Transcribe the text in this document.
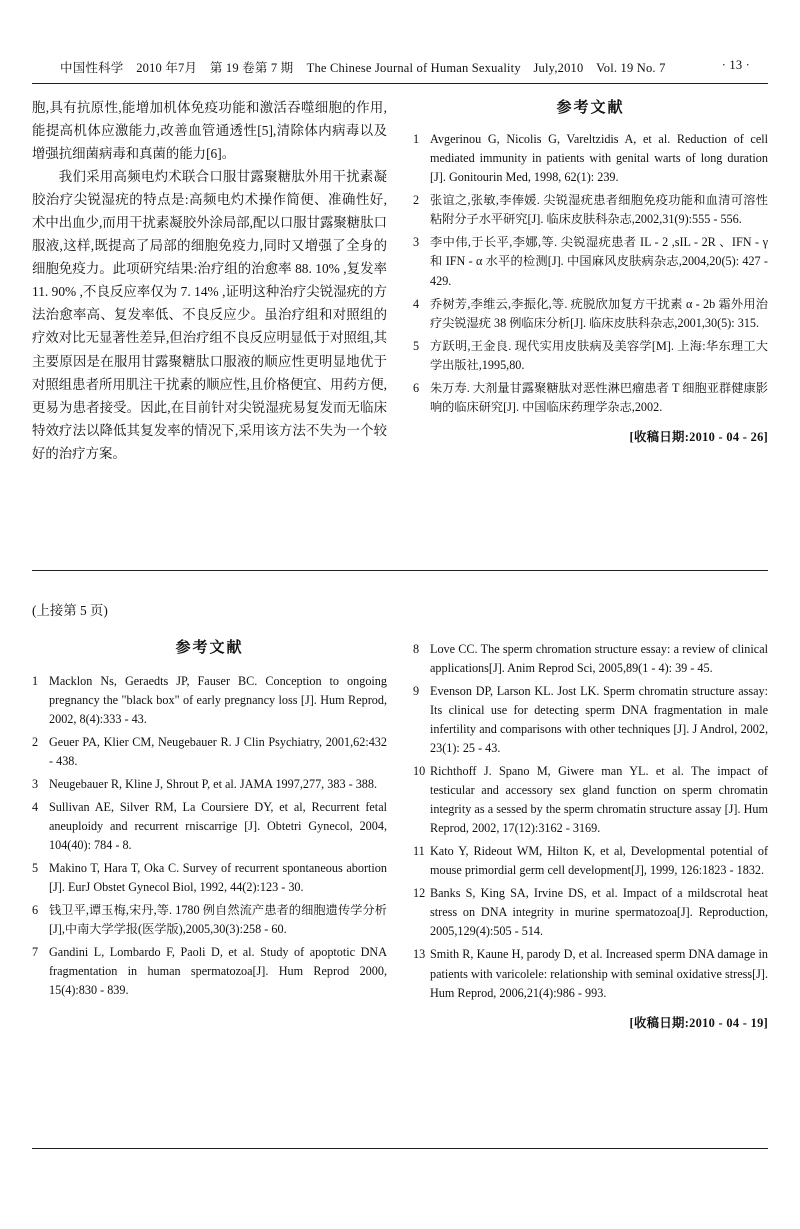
· 13 ·
中国性科学　2010 年7月　第 19 卷第 7 期 The Chinese Journal of Human Sexuality　July,2010　Vol. 19 No. 7
胞,具有抗原性,能增加机体免疫功能和激活吞噬细胞的作用,能提高机体应激能力,改善血管通透性[5],清除体内病毒以及增强抗细菌病毒和真菌的能力[6]。
我们采用高频电灼术联合口服甘露聚糖肽外用干扰素凝胶治疗尖锐湿疣的特点是:高频电灼术操作简便、准确性好,术中出血少,而用干扰素凝胶外涂局部,配以口服甘露聚糖肽口服液,这样,既提高了局部的细胞免疫力,同时又增强了全身的细胞免疫力。此项研究结果:治疗组的治愈率 88. 10% ,复发率 11. 90% ,不良反应率仅为 7. 14% ,证明这种治疗尖锐湿疣的方法治愈率高、复发率低、不良反应少。虽治疗组和对照组的疗效对比无显著性差异,但治疗组不良反应明显低于对照组,其主要原因是在服用甘露聚糖肽口服液的顺应性更明显地优于对照组患者所用肌注干扰素的顺应性,且价格便宜、用药方便,更易为患者接受。因此,在目前针对尖锐湿疣易复发而无临床特效疗法以降低其复发率的情况下,采用该方法不失为一个较好的治疗方案。
参考文献
1 Avgerinou G, Nicolis G, Vareltzidis A, et al. Reduction of cell mediated immunity in patients with genital warts of long duration [J]. Gonitourin Med, 1998, 62(1): 239.
2 张谊之,张敏,李俸媛. 尖锐湿疣患者细胞免疫功能和血清可溶性粘附分子水平研究[J]. 临床皮肤科杂志,2002,31(9):555 - 556.
3 李中伟,于长平,李娜,等. 尖锐湿疣患者 IL - 2 ,sIL - 2R 、IFN - γ 和 IFN - α 水平的检测[J]. 中国麻风皮肤病杂志,2004,20(5): 427 - 429.
4 乔树芳,李维云,李振化,等. 疣脱欣加复方干扰素 α - 2b 霜外用治疗尖锐湿疣 38 例临床分析[J]. 临床皮肤科杂志,2001,30(5): 315.
5 方跃明,王金良. 现代实用皮肤病及美容学[M]. 上海:华东理工大学出版社,1995,80.
6 朱万寿. 大剂量甘露聚糖肽对恶性淋巴瘤患者 T 细胞亚群健康影响的临床研究[J]. 中国临床药理学杂志,2002.
[收稿日期:2010 - 04 - 26]
(上接第 5 页)
参考文献
1 Macklon Ns, Geraedts JP, Fauser BC. Conception to ongoing pregnancy the "black box" of early pregnancy loss [J]. Hum Reprod, 2002, 8(4):333 - 43.
2 Geuer PA, Klier CM, Neugebauer R. J Clin Psychiatry, 2001,62:432 - 438.
3 Neugebauer R, Kline J, Shrout P, et al. JAMA 1997,277, 383 - 388.
4 Sullivan AE, Silver RM, La Coursiere DY, et al, Recurrent fetal aneuploidy and recurrent rniscarrige [J]. Obtetri Gynecol, 2004, 104(40): 784 - 8.
5 Makino T, Hara T, Oka C. Survey of recurrent spontaneous abortion [J]. EurJ Obstet Gynecol Biol, 1992, 44(2):123 - 30.
6 钱卫平,谭玉梅,宋丹,等. 1780 例自然流产患者的细胞遗传学分析[J],中南大学学报(医学版),2005,30(3):258 - 60.
7 Gandini L, Lombardo F, Paoli D, et al. Study of apoptotic DNA fragmentation in human spermatozoa[J]. Hum Reprod 2000, 15(4):830 - 839.
8 Love CC. The sperm chromation structure essay: a review of clinical applications[J]. Anim Reprod Sci, 2005,89(1 - 4): 39 - 45.
9 Evenson DP, Larson KL. Jost LK. Sperm chromatin structure assay: Its clinical use for detecting sperm DNA fragmentation in male infertility and comparisons with other techniques [J]. J Androl, 2002, 23(1): 25 - 43.
10 Richthoff J. Spano M, Giwere man YL. et al. The impact of testicular and accessory sex gland function on sperm chromatin integrity as a sessed by the sperm chromatin structure assay [J]. Hum Reprod, 2002, 17(12):3162 - 3169.
11 Kato Y, Rideout WM, Hilton K, et al, Developmental potential of mouse primordial germ cell development[J], 1999, 126:1823 - 1832.
12 Banks S, King SA, Irvine DS, et al. Impact of a mildscrotal heat stress on DNA integrity in murine spermatozoa[J]. Reproduction, 2005,129(4):505 - 514.
13 Smith R, Kaune H, parody D, et al. Increased sperm DNA damage in patients with varicolele: relationship with seminal oxidative stress[J]. Hum Reprod, 2006,21(4):986 - 993.
[收稿日期:2010 - 04 - 19]
